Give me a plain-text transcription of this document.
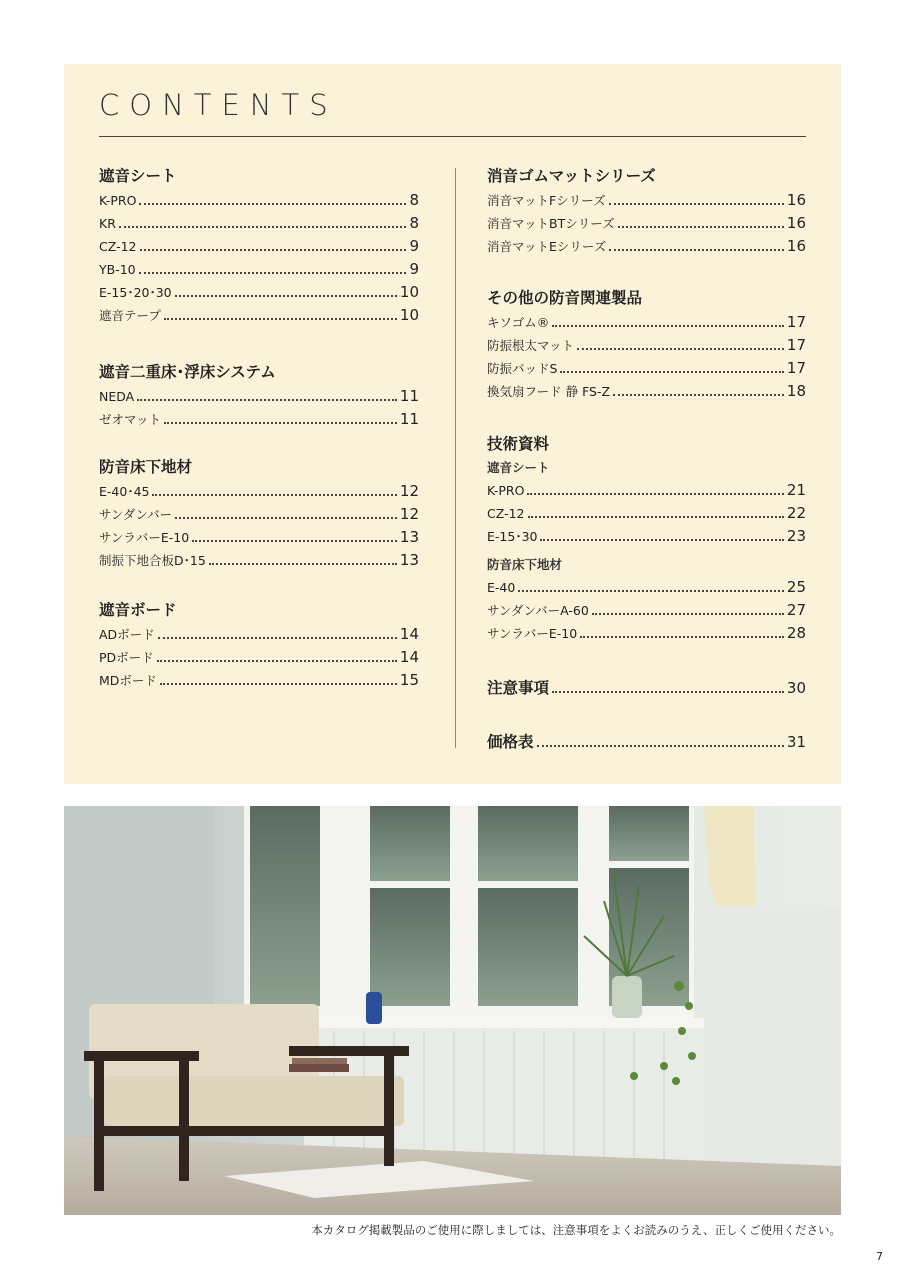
CONTENTS
遮音シート
K-PRO	8
KR	8
CZ-12	9
YB-10	9
E-15･20･30	10
遮音テープ	10
遮音二重床･浮床システム
NEDA	11
ゼオマット	11
防音床下地材
E-40･45	12
サンダンバー	12
サンラバーE-10	13
制振下地合板D･15	13
遮音ボード
ADボード	14
PDボード	14
MDボード	15
消音ゴムマットシリーズ
消音マットFシリーズ	16
消音マットBTシリーズ	16
消音マットEシリーズ	16
その他の防音関連製品
キソゴム®	17
防振根太マット	17
防振パッドS	17
換気扇フード 静 FS-Z	18
技術資料
遮音シート
K-PRO	21
CZ-12	22
E-15･30	23
防音床下地材
E-40	25
サンダンバーA-60	27
サンラバーE-10	28
注意事項	30
価格表	31
本カタログ掲載製品のご使用に際しましては、注意事項をよくお読みのうえ、正しくご使用ください。
7
